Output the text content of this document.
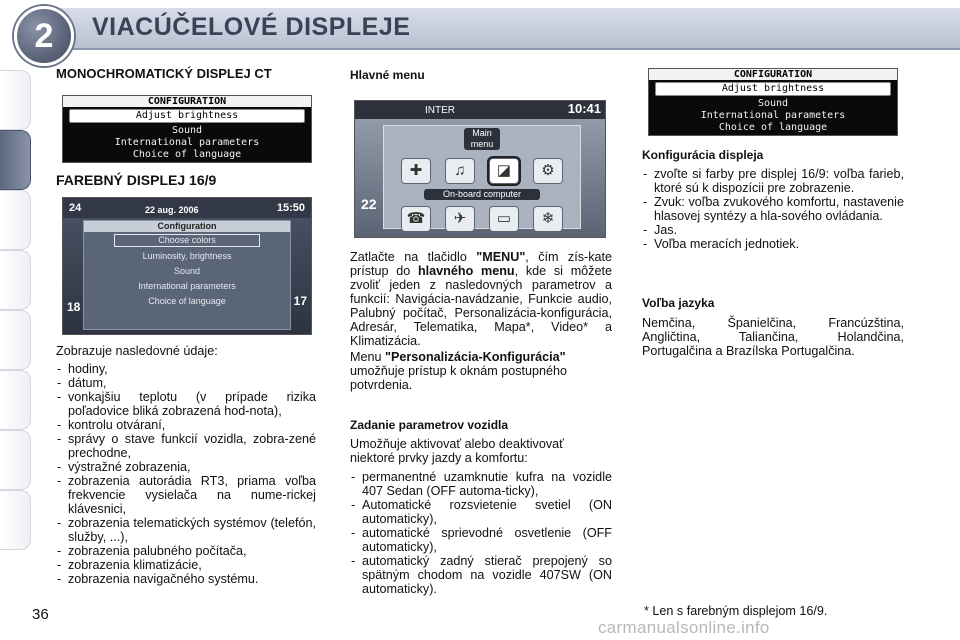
2	VIACÚČELOVÉ DISPLEJE
MONOCHROMATICKÝ DISPLEJ CT
CONFIGURATION
Adjust brightness
Sound
International parameters
Choice of language
FAREBNÝ DISPLEJ 16/9
24	22 aug. 2006	15:50
Configuration
Choose colors
Luminosity, brightness
Sound
International parameters
Choice of language
18	17

Zobrazuje nasledovné údaje:

- hodiny,
- dátum,
- vonkajšiu teplotu (v prípade rizika poľadovice bliká zobrazená hod-nota),
- kontrolu otváraní,
- správy o stave funkcií vozidla, zobra-zené prechodne,
- výstražné zobrazenia,
- zobrazenia autorádia RT3, priama voľba frekvencie vysielača na nume-rickej klávesnici,
- zobrazenia telematických systémov (telefón, služby, ...),
- zobrazenia palubného počítača,
- zobrazenia klimatizácie,
- zobrazenia navigačného systému.
Hlavné menu
INTER	10:41
Main menu
✚	♫	◪	⚙
On-board computer
☎	✈	▭	❄
22

Zatlačte na tlačidlo "MENU", čím zís-kate prístup do hlavného menu, kde si môžete zvoliť jeden z nasledovných parametrov a funkcií: Navigácia-navádzanie, Funkcie audio, Palubný počítač, Personalizácia-konfigurácia, Adresár, Telematika, Mapa*, Video* a Klimatizácia.

Menu "Personalizácia-Konfigurácia" umožňuje prístup k oknám postupného potvrdenia.

Zadanie parametrov vozidla

Umožňuje aktivovať alebo deaktivovať niektoré prvky jazdy a komfortu:

- permanentné uzamknutie kufra na vozidle 407 Sedan (OFF automa-ticky),
- Automatické rozsvietenie svetiel (ON automaticky),
- automatické sprievodné osvetlenie (OFF automaticky),
- automatický zadný stierač prepojený so spätným chodom na vozidle 407SW (ON automaticky).
CONFIGURATION
Adjust brightness
Sound
International parameters
Choice of language
Konfigurácia displeja
- zvoľte si farby pre displej 16/9: voľba farieb, ktoré sú k dispozícii pre zobrazenie.
- Zvuk: voľba zvukového komfortu, nastavenie hlasovej syntézy a hla-sového ovládania.
- Jas.
- Voľba meracích jednotiek.
Voľba jazyka

Nemčina, Španielčina, Francúzština, Angličtina, Taliančina, Holandčina, Portugalčina a Brazílska Portugalčina.

36	* Len s farebným displejom 16/9.
carmanualsonline.info
